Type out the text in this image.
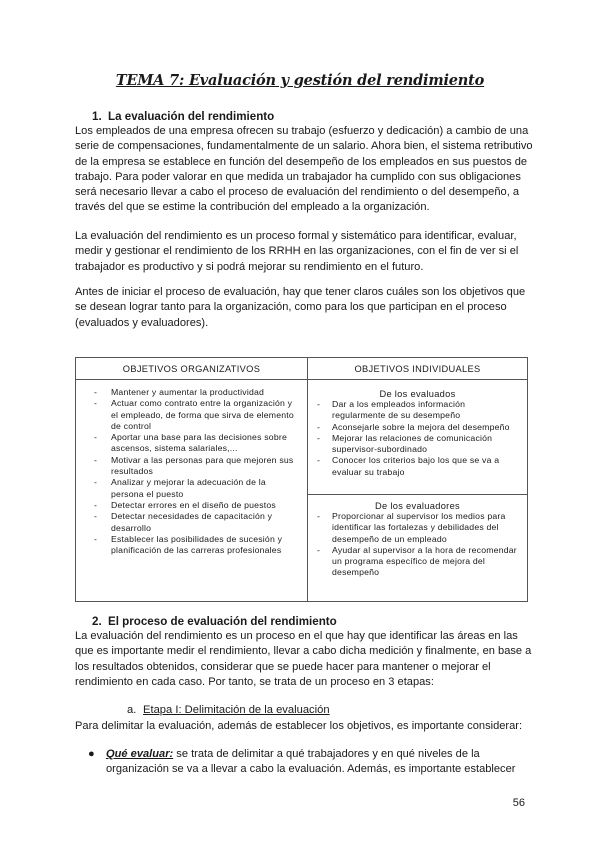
TEMA 7: Evaluación y gestión del rendimiento
1. La evaluación del rendimiento
Los empleados de una empresa ofrecen su trabajo (esfuerzo y dedicación) a cambio de una serie de compensaciones, fundamentalmente de un salario. Ahora bien, el sistema retributivo de la empresa se establece en función del desempeño de los empleados en sus puestos de trabajo. Para poder valorar en que medida un trabajador ha cumplido con sus obligaciones será necesario llevar a cabo el proceso de evaluación del rendimiento o del desempeño, a través del que se estime la contribución del empleado a la organización.
La evaluación del rendimiento es un proceso formal y sistemático para identificar, evaluar, medir y gestionar el rendimiento de los RRHH en las organizaciones, con el fin de ver si el trabajador es productivo y si podrá mejorar su rendimiento en el futuro.
Antes de iniciar el proceso de evaluación, hay que tener claros cuáles son los objetivos que se desean lograr tanto para la organización, como para los que participan en el proceso (evaluados y evaluadores).
OBJETIVOS ORGANIZATIVOS
- Mantener y aumentar la productividad
- Actuar como contrato entre la organización y el empleado, de forma que sirva de elemento de control
- Aportar una base para las decisiones sobre ascensos, sistema salariales,...
- Motivar a las personas para que mejoren sus resultados
- Analizar y mejorar la adecuación de la persona el puesto
- Detectar errores en el diseño de puestos
- Detectar necesidades de capacitación y desarrollo
- Establecer las posibilidades de sucesión y planificación de las carreras profesionales
OBJETIVOS INDIVIDUALES
De los evaluados
- Dar a los empleados información regularmente de su desempeño
- Aconsejarle sobre la mejora del desempeño
- Mejorar las relaciones de comunicación supervisor-subordinado
- Conocer los criterios bajo los que se va a evaluar su trabajo
De los evaluadores
- Proporcionar al supervisor los medios para identificar las fortalezas y debilidades del desempeño de un empleado
- Ayudar al supervisor a la hora de recomendar un programa específico de mejora del desempeño
2. El proceso de evaluación del rendimiento
La evaluación del rendimiento es un proceso en el que hay que identificar las áreas en las que es importante medir el rendimiento, llevar a cabo dicha medición y finalmente, en base a los resultados obtenidos, considerar que se puede hacer para mantener o mejorar el rendimiento en cada caso. Por tanto, se trata de un proceso en 3 etapas:
a. Etapa I: Delimitación de la evaluación
Para delimitar la evaluación, además de establecer los objetivos, es importante considerar:
●	Qué evaluar: se trata de delimitar a qué trabajadores y en qué niveles de la organización se va a llevar a cabo la evaluación. Además, es importante establecer
56
